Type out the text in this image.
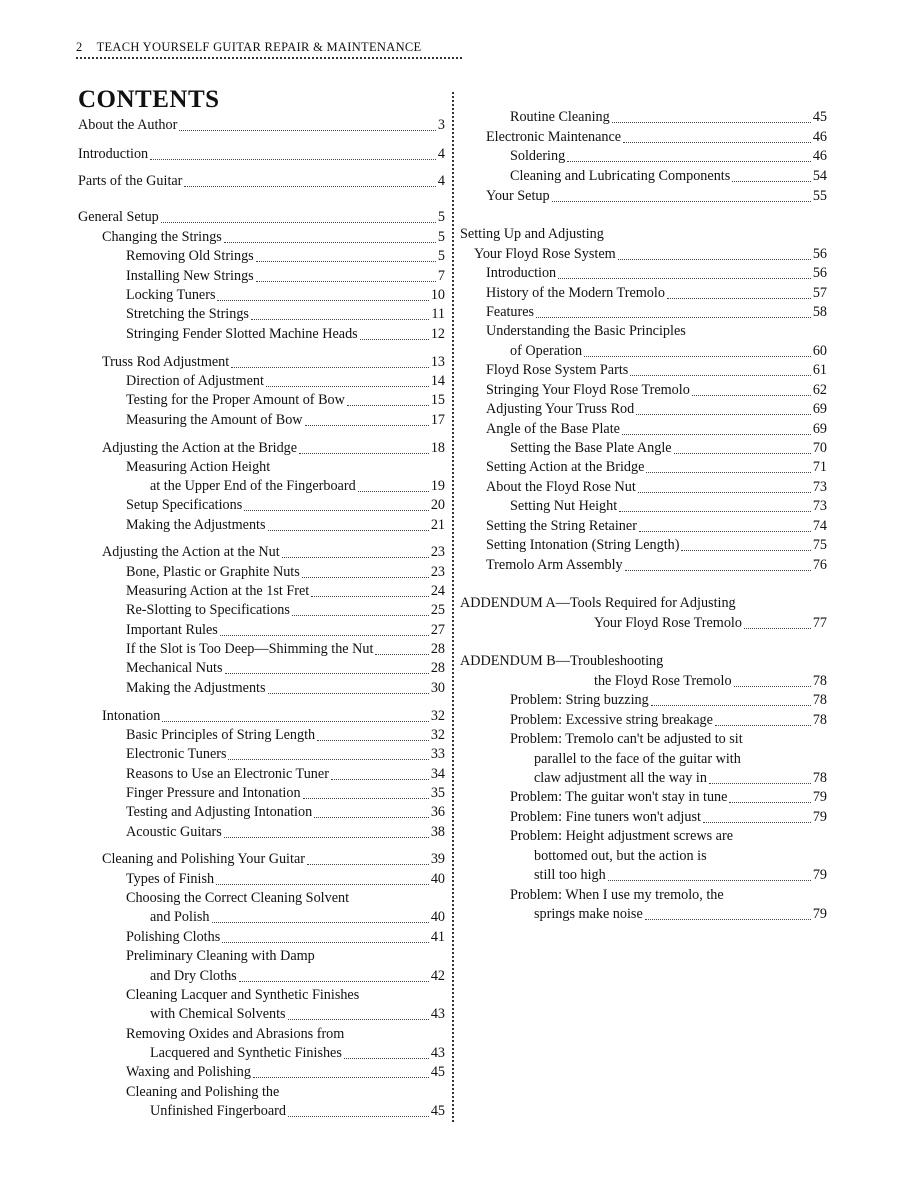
2 TEACH YOURSELF GUITAR REPAIR & MAINTENANCE
CONTENTS
About the Author	3
Introduction	4
Parts of the Guitar	4
General Setup	5
Changing the Strings	5
Removing Old Strings	5
Installing New Strings	7
Locking Tuners	10
Stretching the Strings	11
Stringing Fender Slotted Machine Heads	12
Truss Rod Adjustment	13
Direction of Adjustment	14
Testing for the Proper Amount of Bow	15
Measuring the Amount of Bow	17
Adjusting the Action at the Bridge	18
Measuring Action Height
at the Upper End of the Fingerboard	19
Setup Specifications	20
Making the Adjustments	21
Adjusting the Action at the Nut	23
Bone, Plastic or Graphite Nuts	23
Measuring Action at the 1st Fret	24
Re-Slotting to Specifications	25
Important Rules	27
If the Slot is Too Deep—Shimming the Nut	28
Mechanical Nuts	28
Making the Adjustments	30
Intonation	32
Basic Principles of String Length	32
Electronic Tuners	33
Reasons to Use an Electronic Tuner	34
Finger Pressure and Intonation	35
Testing and Adjusting Intonation	36
Acoustic Guitars	38
Cleaning and Polishing Your Guitar	39
Types of Finish	40
Choosing the Correct Cleaning Solvent
and Polish	40
Polishing Cloths	41
Preliminary Cleaning with Damp
and Dry Cloths	42
Cleaning Lacquer and Synthetic Finishes
with Chemical Solvents	43
Removing Oxides and Abrasions from
Lacquered and Synthetic Finishes	43
Waxing and Polishing	45
Cleaning and Polishing the
Unfinished Fingerboard	45
Routine Cleaning	45
Electronic Maintenance	46
Soldering	46
Cleaning and Lubricating Components	54
Your Setup	55
Setting Up and Adjusting
Your Floyd Rose System	56
Introduction	56
History of the Modern Tremolo	57
Features	58
Understanding the Basic Principles
of Operation	60
Floyd Rose System Parts	61
Stringing Your Floyd Rose Tremolo	62
Adjusting Your Truss Rod	69
Angle of the Base Plate	69
Setting the Base Plate Angle	70
Setting Action at the Bridge	71
About the Floyd Rose Nut	73
Setting Nut Height	73
Setting the String Retainer	74
Setting Intonation (String Length)	75
Tremolo Arm Assembly	76
ADDENDUM A—Tools Required for Adjusting
Your Floyd Rose Tremolo	77
ADDENDUM B—Troubleshooting
the Floyd Rose Tremolo	78
Problem: String buzzing	78
Problem: Excessive string breakage	78
Problem: Tremolo can't be adjusted to sit
parallel to the face of the guitar with
claw adjustment all the way in	78
Problem: The guitar won't stay in tune	79
Problem: Fine tuners won't adjust	79
Problem: Height adjustment screws are
bottomed out, but the action is
still too high	79
Problem: When I use my tremolo, the
springs make noise	79
